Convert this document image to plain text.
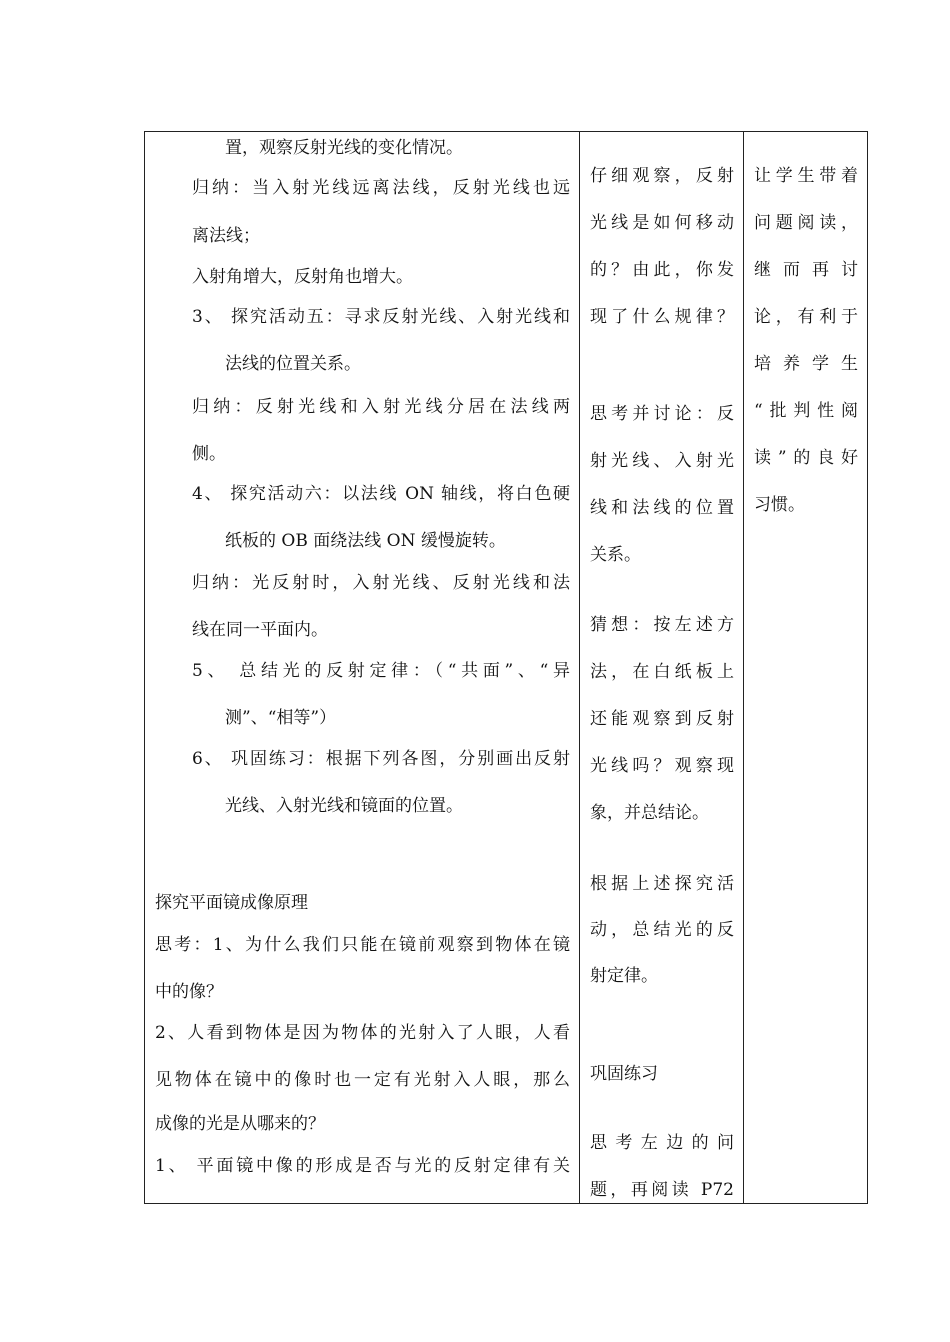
置，观察反射光线的变化情况。
归纳：当入射光线远离法线，反射光线也远
离法线；
入射角增大，反射角也增大。
3、 探究活动五：寻求反射光线、入射光线和
法线的位置关系。
归纳：反射光线和入射光线分居在法线两
侧。
4、 探究活动六：以法线 ON 轴线，将白色硬
纸板的 OB 面绕法线 ON 缓慢旋转。
归纳：光反射时，入射光线、反射光线和法
线在同一平面内。
5、 总结光的反射定律：（“共面”、“异
测”、“相等”）
6、 巩固练习：根据下列各图，分别画出反射
光线、入射光线和镜面的位置。
探究平面镜成像原理
思考：1、为什么我们只能在镜前观察到物体在镜
中的像？
2、人看到物体是因为物体的光射入了人眼，人看
见物体在镜中的像时也一定有光射入人眼，那么
成像的光是从哪来的？
1、 平面镜中像的形成是否与光的反射定律有关
仔细观察，反射
光线是如何移动
的？由此，你发
现了什么规律？
思考并讨论：反
射光线、入射光
线和法线的位置
关系。
猜想：按左述方
法，在白纸板上
还能观察到反射
光线吗？观察现
象，并总结论。
根据上述探究活
动，总结光的反
射定律。
巩固练习
思考左边的问
题，再阅读 P72
让学生带着
问题阅读，
继而再讨
论，有利于
培养学生
“批判性阅
读”的良好
习惯。
